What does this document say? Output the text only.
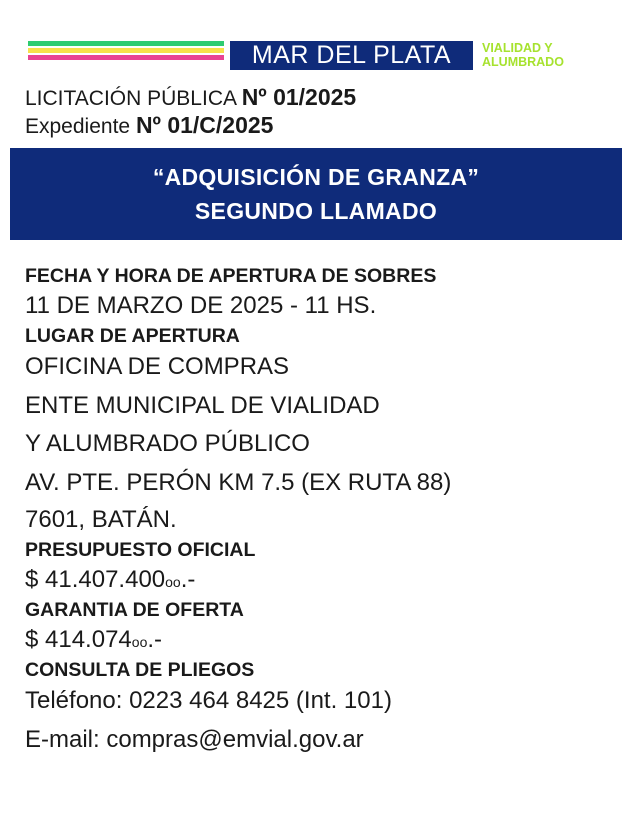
MAR DEL PLATA VIALIDAD Y
ALUMBRADO
LICITACIÓN PÚBLICA Nº 01/2025
Expediente Nº 01/C/2025
“ADQUISICIÓN DE GRANZA”
SEGUNDO LLAMADO

FECHA Y HORA DE APERTURA DE SOBRES

11 DE MARZO DE 2025 - 11 HS.

LUGAR DE APERTURA

OFICINA DE COMPRAS

ENTE MUNICIPAL DE VIALIDAD

Y ALUMBRADO PÚBLICO

AV. PTE. PERÓN KM 7.5 (EX RUTA 88)

7601, BATÁN.

PRESUPUESTO OFICIAL

$ $41.407.400^{oo}.-$

GARANTIA DE OFERTA

$ $414.074^{oo}.-$

CONSULTA DE PLIEGOS

Teléfono: 0223 464 8425 (Int. 101)

E-mail: compras@emvial.gov.ar
